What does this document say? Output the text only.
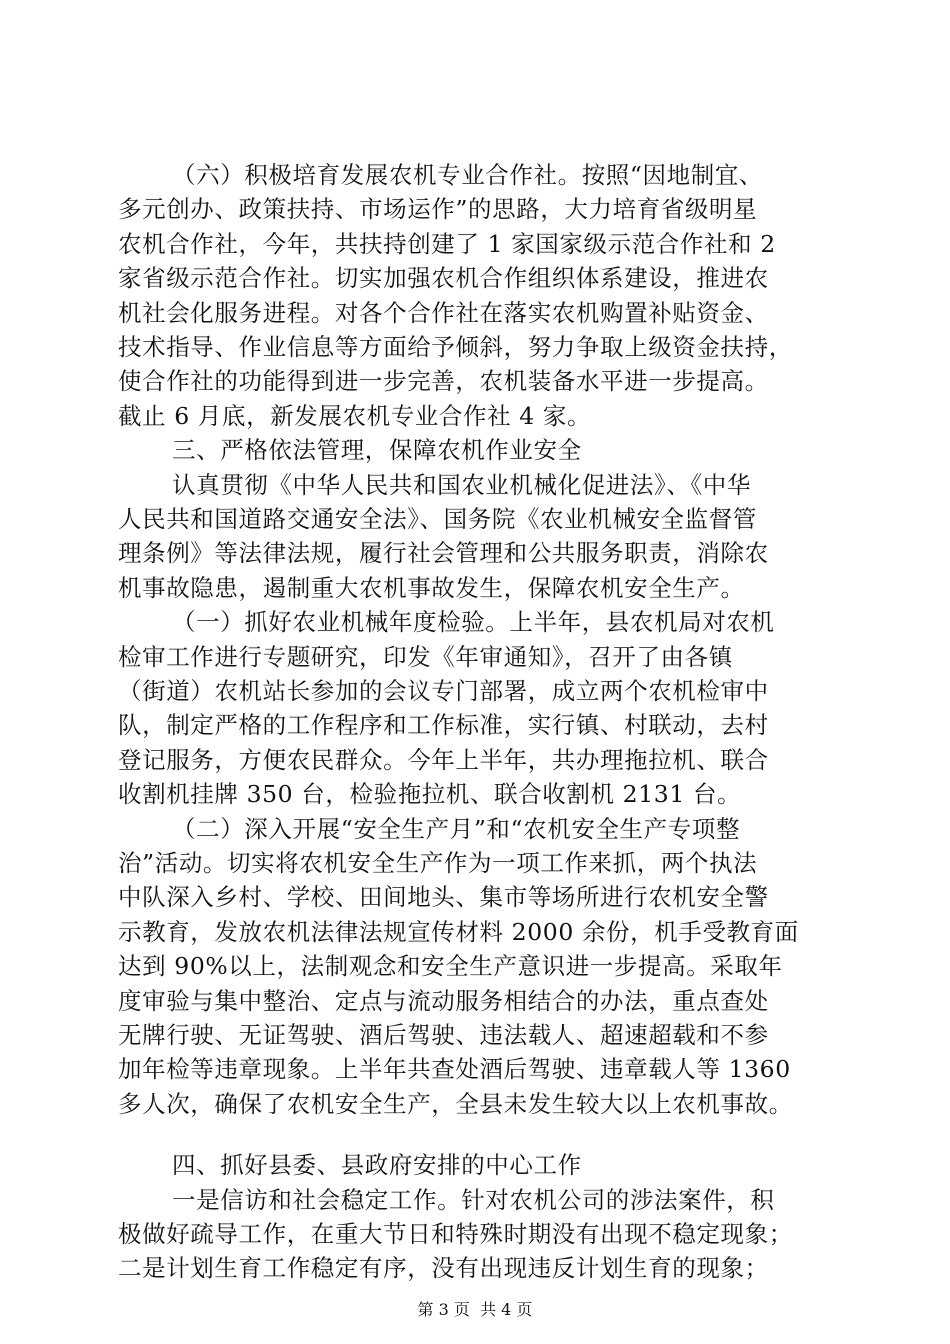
（六）积极培育发展农机专业合作社。按照“因地制宜、
多元创办、政策扶持、市场运作”的思路，大力培育省级明星
农机合作社，今年，共扶持创建了 1 家国家级示范合作社和 2
家省级示范合作社。切实加强农机合作组织体系建设，推进农
机社会化服务进程。对各个合作社在落实农机购置补贴资金、
技术指导、作业信息等方面给予倾斜，努力争取上级资金扶持，
使合作社的功能得到进一步完善，农机装备水平进一步提高。
截止 6 月底，新发展农机专业合作社 4 家。
三、严格依法管理，保障农机作业安全
认真贯彻《中华人民共和国农业机械化促进法》、《中华
人民共和国道路交通安全法》、国务院《农业机械安全监督管
理条例》等法律法规，履行社会管理和公共服务职责，消除农
机事故隐患，遏制重大农机事故发生，保障农机安全生产。
（一）抓好农业机械年度检验。上半年，县农机局对农机
检审工作进行专题研究，印发《年审通知》，召开了由各镇
（街道）农机站长参加的会议专门部署，成立两个农机检审中
队，制定严格的工作程序和工作标准，实行镇、村联动，去村
登记服务，方便农民群众。今年上半年，共办理拖拉机、联合
收割机挂牌 350 台，检验拖拉机、联合收割机 2131 台。
（二）深入开展“安全生产月”和“农机安全生产专项整
治”活动。切实将农机安全生产作为一项工作来抓，两个执法
中队深入乡村、学校、田间地头、集市等场所进行农机安全警
示教育，发放农机法律法规宣传材料 2000 余份，机手受教育面
达到 90%以上，法制观念和安全生产意识进一步提高。采取年
度审验与集中整治、定点与流动服务相结合的办法，重点查处
无牌行驶、无证驾驶、酒后驾驶、违法载人、超速超载和不参
加年检等违章现象。上半年共查处酒后驾驶、违章载人等 1360
多人次，确保了农机安全生产，全县未发生较大以上农机事故。
四、抓好县委、县政府安排的中心工作
一是信访和社会稳定工作。针对农机公司的涉法案件，积
极做好疏导工作，在重大节日和特殊时期没有出现不稳定现象；
二是计划生育工作稳定有序，没有出现违反计划生育的现象；
第 3 页  共 4 页
